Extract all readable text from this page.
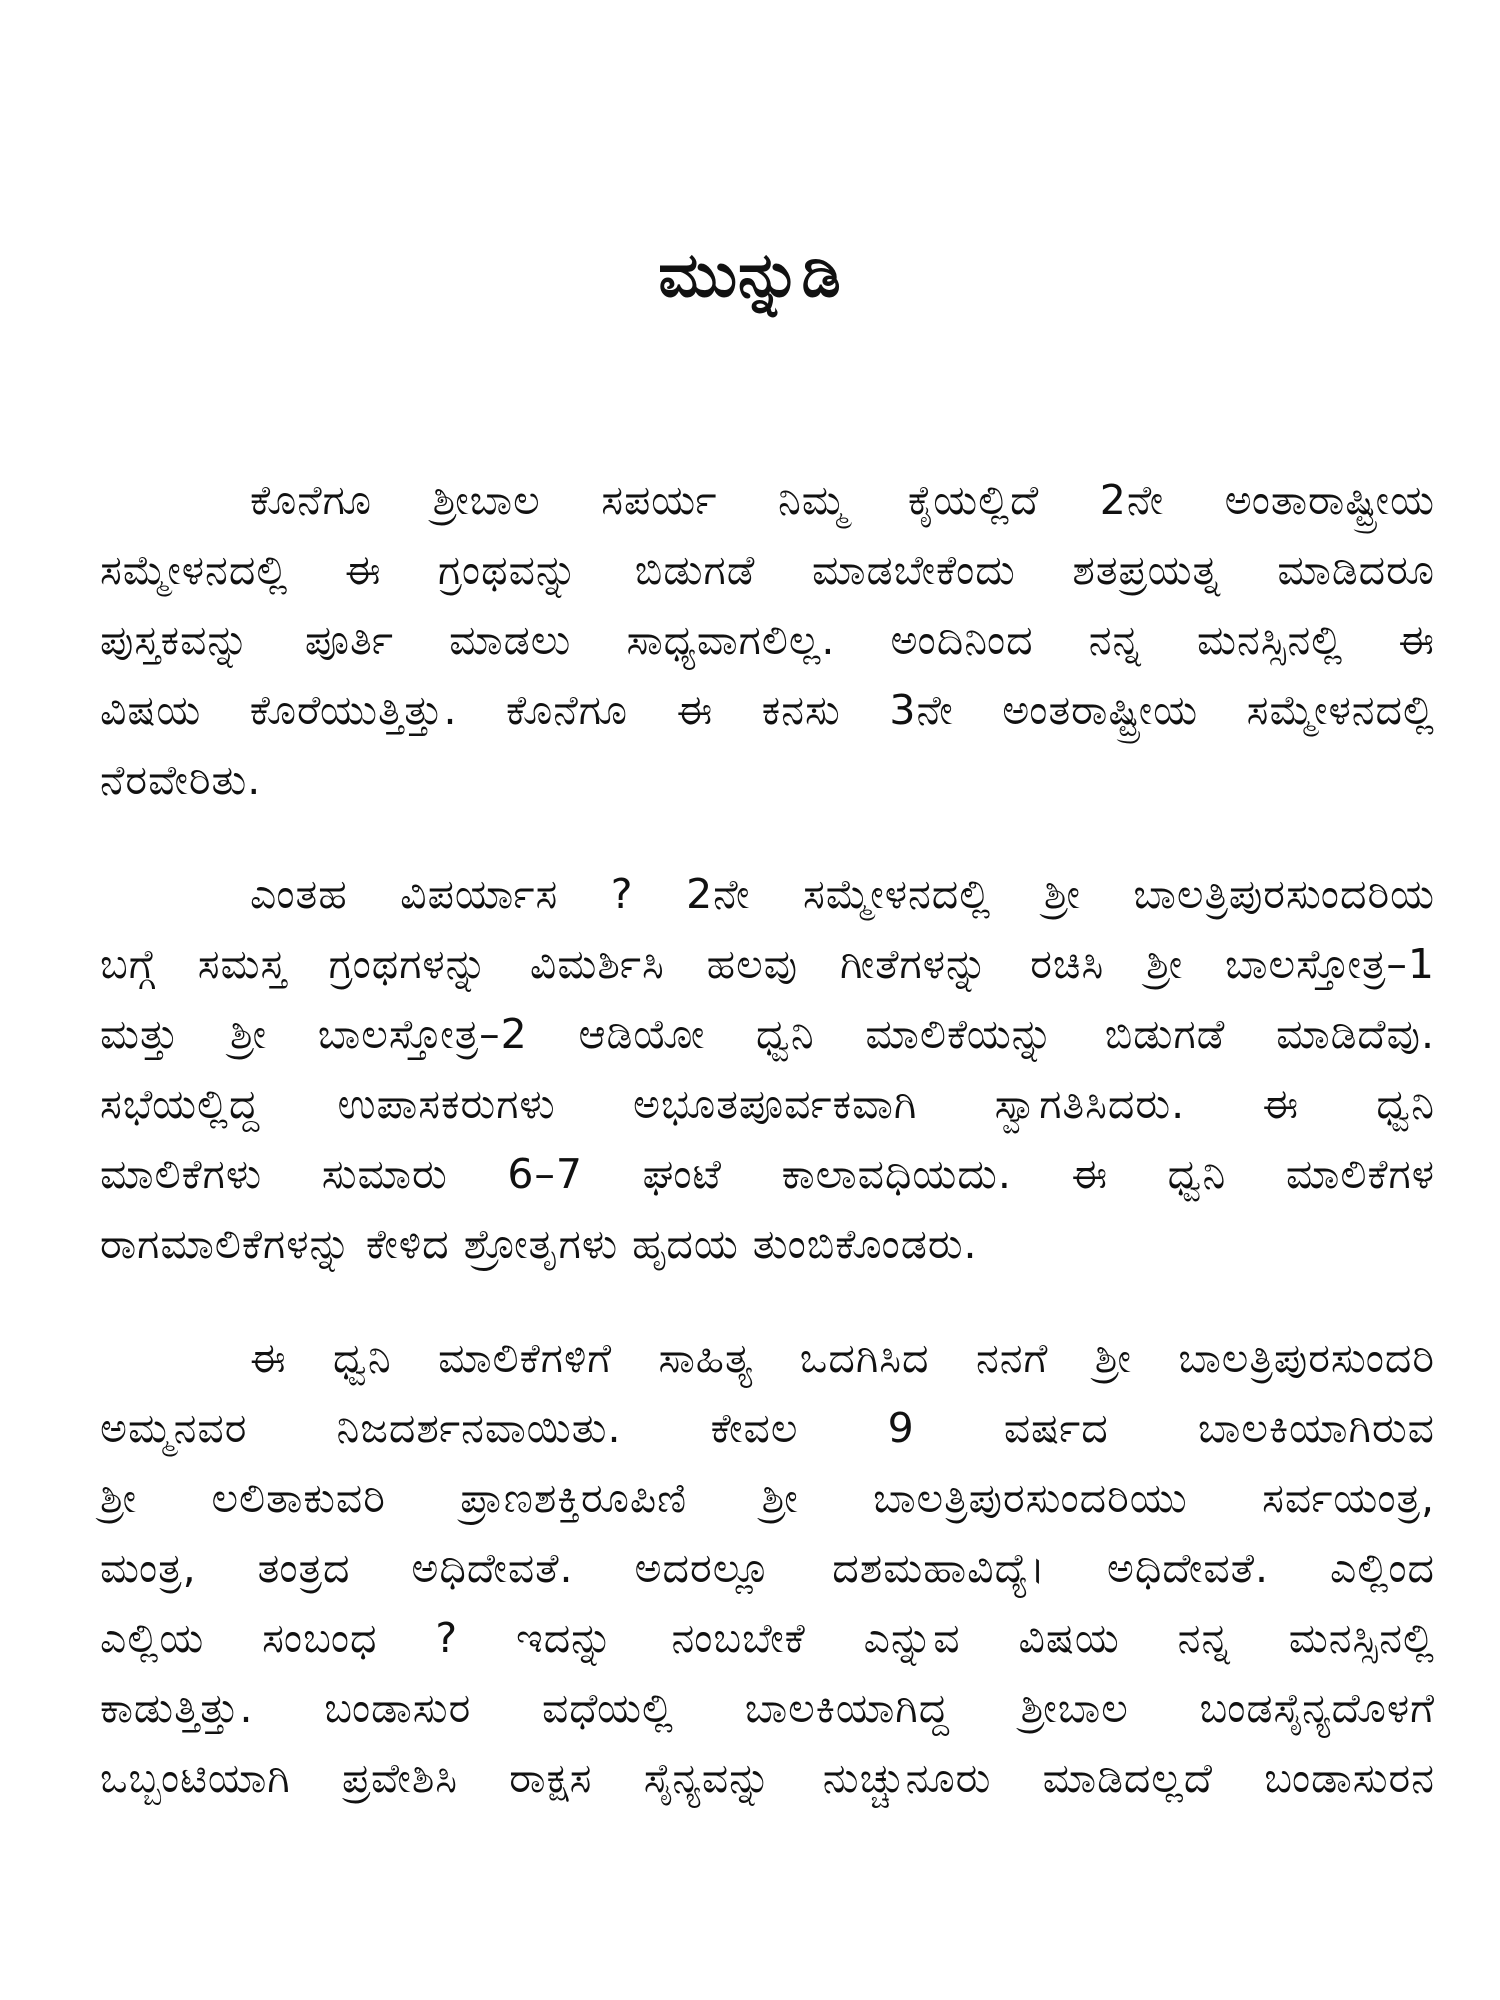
ಮುನ್ನುಡಿ
ಕೊನೆಗೂ ಶ್ರೀಬಾಲ ಸಪರ್ಯ ನಿಮ್ಮ ಕೈಯಲ್ಲಿದೆ 2ನೇ ಅಂತಾರಾಷ್ಟ್ರೀಯ
ಸಮ್ಮೇಳನದಲ್ಲಿ ಈ ಗ್ರಂಥವನ್ನು ಬಿಡುಗಡೆ ಮಾಡಬೇಕೆಂದು ಶತಪ್ರಯತ್ನ ಮಾಡಿದರೂ
ಪುಸ್ತಕವನ್ನು ಪೂರ್ತಿ ಮಾಡಲು ಸಾಧ್ಯವಾಗಲಿಲ್ಲ. ಅಂದಿನಿಂದ ನನ್ನ ಮನಸ್ಸಿನಲ್ಲಿ ಈ
ವಿಷಯ ಕೊರೆಯುತ್ತಿತ್ತು. ಕೊನೆಗೂ ಈ ಕನಸು 3ನೇ ಅಂತರಾಷ್ಟ್ರೀಯ ಸಮ್ಮೇಳನದಲ್ಲಿ
ನೆರವೇರಿತು.
ಎಂತಹ ವಿಪರ್ಯಾಸ ? 2ನೇ ಸಮ್ಮೇಳನದಲ್ಲಿ ಶ್ರೀ ಬಾಲತ್ರಿಪುರಸುಂದರಿಯ
ಬಗ್ಗೆ ಸಮಸ್ತ ಗ್ರಂಥಗಳನ್ನು ವಿಮರ್ಶಿಸಿ ಹಲವು ಗೀತೆಗಳನ್ನು ರಚಿಸಿ ಶ್ರೀ ಬಾಲಸ್ತೋತ್ರ–1
ಮತ್ತು ಶ್ರೀ ಬಾಲಸ್ತೋತ್ರ–2 ಆಡಿಯೋ ಧ್ವನಿ ಮಾಲಿಕೆಯನ್ನು ಬಿಡುಗಡೆ ಮಾಡಿದೆವು.
ಸಭೆಯಲ್ಲಿದ್ದ ಉಪಾಸಕರುಗಳು ಅಭೂತಪೂರ್ವಕವಾಗಿ ಸ್ವಾಗತಿಸಿದರು. ಈ ಧ್ವನಿ
ಮಾಲಿಕೆಗಳು ಸುಮಾರು 6–7 ಘಂಟೆ ಕಾಲಾವಧಿಯದು. ಈ ಧ್ವನಿ ಮಾಲಿಕೆಗಳ
ರಾಗಮಾಲಿಕೆಗಳನ್ನು ಕೇಳಿದ ಶ್ರೋತೃಗಳು ಹೃದಯ ತುಂಬಿಕೊಂಡರು.
ಈ ಧ್ವನಿ ಮಾಲಿಕೆಗಳಿಗೆ ಸಾಹಿತ್ಯ ಒದಗಿಸಿದ ನನಗೆ ಶ್ರೀ ಬಾಲತ್ರಿಪುರಸುಂದರಿ
ಅಮ್ಮನವರ ನಿಜದರ್ಶನವಾಯಿತು. ಕೇವಲ 9 ವರ್ಷದ ಬಾಲಕಿಯಾಗಿರುವ
ಶ್ರೀ ಲಲಿತಾಕುವರಿ ಪ್ರಾಣಶಕ್ತಿರೂಪಿಣಿ ಶ್ರೀ ಬಾಲತ್ರಿಪುರಸುಂದರಿಯು ಸರ್ವಯಂತ್ರ,
ಮಂತ್ರ, ತಂತ್ರದ ಅಧಿದೇವತೆ. ಅದರಲ್ಲೂ ದಶಮಹಾವಿದ್ಯೆ। ಅಧಿದೇವತೆ. ಎಲ್ಲಿಂದ
ಎಲ್ಲಿಯ ಸಂಬಂಧ ? ಇದನ್ನು ನಂಬಬೇಕೆ ಎನ್ನುವ ವಿಷಯ ನನ್ನ ಮನಸ್ಸಿನಲ್ಲಿ
ಕಾಡುತ್ತಿತ್ತು. ಬಂಡಾಸುರ ವಧೆಯಲ್ಲಿ ಬಾಲಕಿಯಾಗಿದ್ದ ಶ್ರೀಬಾಲ ಬಂಡಸೈನ್ಯದೊಳಗೆ
ಒಬ್ಬಂಟಿಯಾಗಿ ಪ್ರವೇಶಿಸಿ ರಾಕ್ಷಸ ಸೈನ್ಯವನ್ನು ನುಚ್ಚುನೂರು ಮಾಡಿದಲ್ಲದೆ ಬಂಡಾಸುರನ
